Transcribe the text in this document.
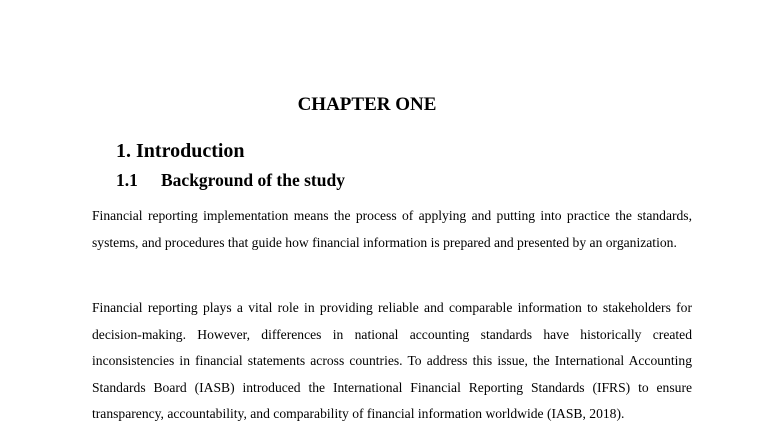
CHAPTER ONE
1. Introduction
1.1 Background of the study

Financial reporting implementation means the process of applying and putting into practice the standards, systems, and procedures that guide how financial information is prepared and presented by an organization.

Financial reporting plays a vital role in providing reliable and comparable information to stakeholders for decision-making. However, differences in national accounting standards have historically created inconsistencies in financial statements across countries. To address this issue, the International Accounting Standards Board (IASB) introduced the International Financial Reporting Standards (IFRS) to ensure transparency, accountability, and comparability of financial information worldwide (IASB, 2018).
